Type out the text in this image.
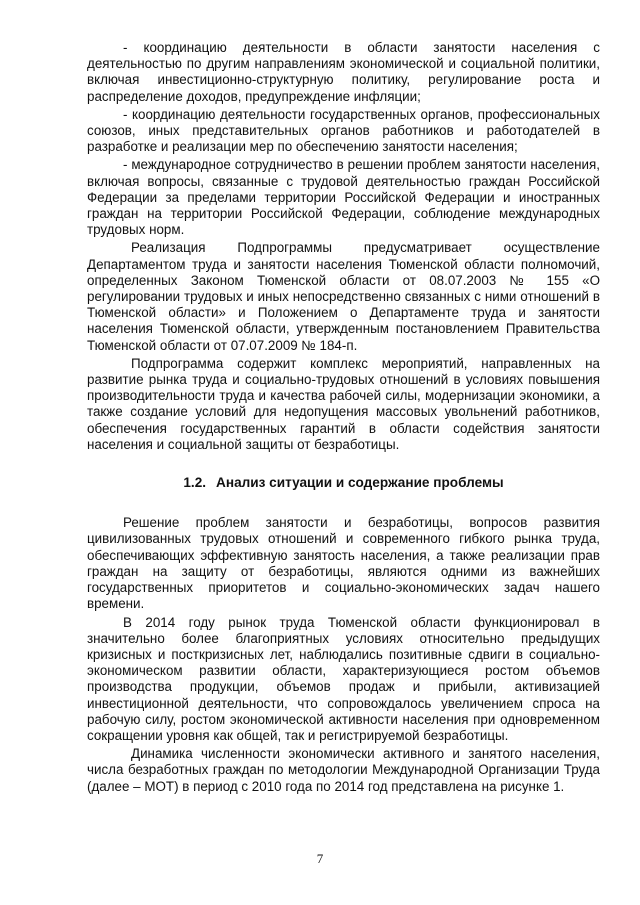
- координацию деятельности в области занятости населения с деятельностью по другим направлениям экономической и социальной политики, включая инвестиционно-структурную политику, регулирование роста и распределение доходов, предупреждение инфляции;

- координацию деятельности государственных органов, профессиональных союзов, иных представительных органов работников и работодателей в разработке и реализации мер по обеспечению занятости населения;

- международное сотрудничество в решении проблем занятости населения, включая вопросы, связанные с трудовой деятельностью граждан Российской Федерации за пределами территории Российской Федерации и иностранных граждан на территории Российской Федерации, соблюдение международных трудовых норм.

Реализация Подпрограммы предусматривает осуществление Департаментом труда и занятости населения Тюменской области полномочий, определенных Законом Тюменской области от 08.07.2003 № 155 «О регулировании трудовых и иных непосредственно связанных с ними отношений в Тюменской области» и Положением о Департаменте труда и занятости населения Тюменской области, утвержденным постановлением Правительства Тюменской области от 07.07.2009 № 184-п.

Подпрограмма содержит комплекс мероприятий, направленных на развитие рынка труда и социально-трудовых отношений в условиях повышения производительности труда и качества рабочей силы, модернизации экономики, а также создание условий для недопущения массовых увольнений работников, обеспечения государственных гарантий в области содействия занятости населения и социальной защиты от безработицы.

1.2. Анализ ситуации и содержание проблемы

Решение проблем занятости и безработицы, вопросов развития цивилизованных трудовых отношений и современного гибкого рынка труда, обеспечивающих эффективную занятость населения, а также реализации прав граждан на защиту от безработицы, являются одними из важнейших государственных приоритетов и социально-экономических задач нашего времени.

В 2014 году рынок труда Тюменской области функционировал в значительно более благоприятных условиях относительно предыдущих кризисных и посткризисных лет, наблюдались позитивные сдвиги в социально-экономическом развитии области, характеризующиеся ростом объемов производства продукции, объемов продаж и прибыли, активизацией инвестиционной деятельности, что сопровождалось увеличением спроса на рабочую силу, ростом экономической активности населения при одновременном сокращении уровня как общей, так и регистрируемой безработицы.

Динамика численности экономически активного и занятого населения, числа безработных граждан по методологии Международной Организации Труда (далее – МОТ) в период с 2010 года по 2014 год представлена на рисунке 1.

7
